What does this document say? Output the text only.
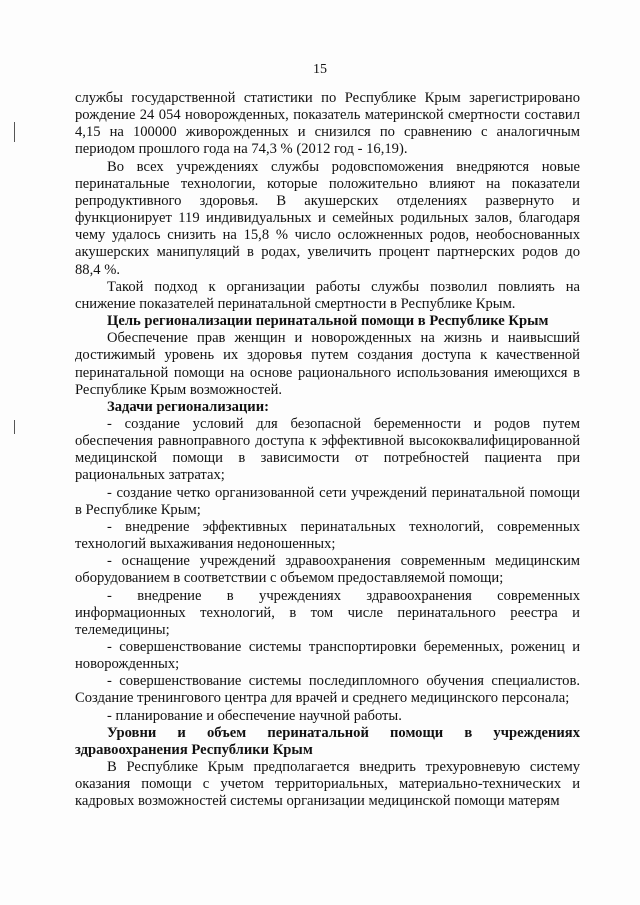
15

службы государственной статистики по Республике Крым зарегистрировано рождение 24 054 новорожденных, показатель материнской смертности составил 4,15 на 100000 живорожденных и снизился по сравнению с аналогичным периодом прошлого года на 74,3 % (2012 год - 16,19).

Во всех учреждениях службы родовспоможения внедряются новые перинатальные технологии, которые положительно влияют на показатели репродуктивного здоровья. В акушерских отделениях развернуто и функционирует 119 индивидуальных и семейных родильных залов, благодаря чему удалось снизить на 15,8 % число осложненных родов, необоснованных акушерских манипуляций в родах, увеличить процент партнерских родов до 88,4 %.

Такой подход к организации работы службы позволил повлиять на снижение показателей перинатальной смертности в Республике Крым.

Цель регионализации перинатальной помощи в Республике Крым

Обеспечение прав женщин и новорожденных на жизнь и наивысший достижимый уровень их здоровья путем создания доступа к качественной перинатальной помощи на основе рационального использования имеющихся в Республике Крым возможностей.

Задачи регионализации:

- создание условий для безопасной беременности и родов путем обеспечения равноправного доступа к эффективной высококвалифицированной медицинской помощи в зависимости от потребностей пациента при рациональных затратах;

- создание четко организованной сети учреждений перинатальной помощи в Республике Крым;

- внедрение эффективных перинатальных технологий, современных технологий выхаживания недоношенных;

- оснащение учреждений здравоохранения современным медицинским оборудованием в соответствии с объемом предоставляемой помощи;

- внедрение в учреждениях здравоохранения современных информационных технологий, в том числе перинатального реестра и телемедицины;

- совершенствование системы транспортировки беременных, рожениц и новорожденных;

- совершенствование системы последипломного обучения специалистов. Создание тренингового центра для врачей и среднего медицинского персонала;

- планирование и обеспечение научной работы.

Уровни и объем перинатальной помощи в учреждениях здравоохранения Республики Крым

В Республике Крым предполагается внедрить трехуровневую систему оказания помощи с учетом территориальных, материально-технических и кадровых возможностей системы организации медицинской помощи матерям
